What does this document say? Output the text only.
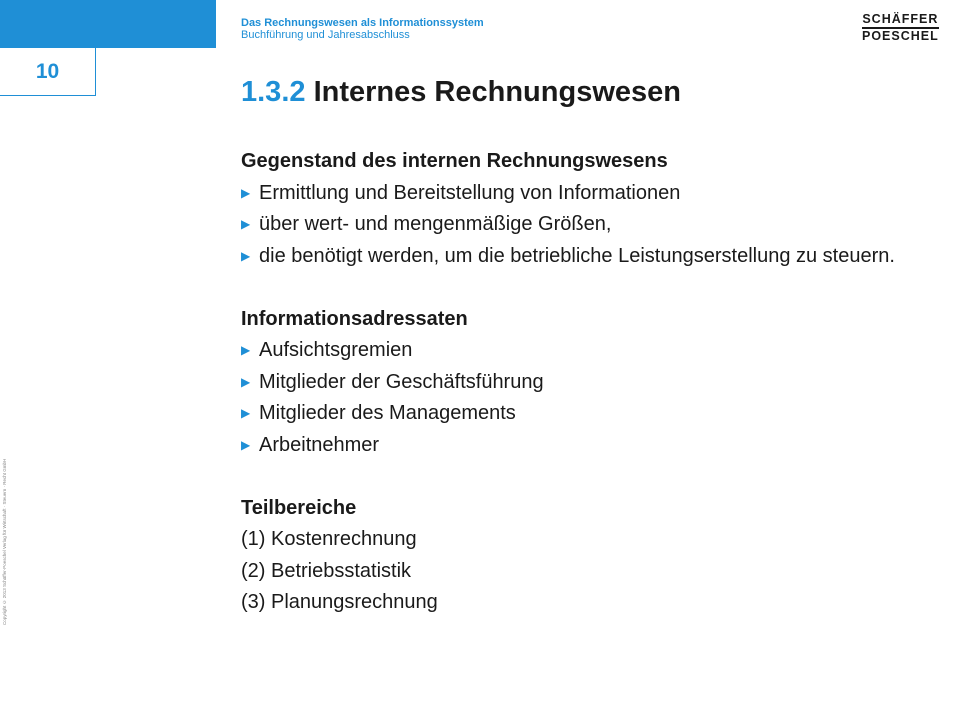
10
Das Rechnungswesen als Informationssystem
Buchführung und Jahresabschluss
SCHÄFFER
POESCHEL
1.3.2 Internes Rechnungswesen
Gegenstand des internen Rechnungswesens
▶ Ermittlung und Bereitstellung von Informationen
▶ über wert- und mengenmäßige Größen,
▶ die benötigt werden, um die betriebliche Leistungserstellung zu steuern.
Informationsadressaten
▶ Aufsichtsgremien
▶ Mitglieder der Geschäftsführung
▶ Mitglieder des Managements
▶ Arbeitnehmer
Teilbereiche
(1) Kostenrechnung
(2) Betriebsstatistik
(3) Planungsrechnung
Copyright © 2013 Schäffer-Poeschel Verlag für Wirtschaft · Steuern · Recht GmbH
